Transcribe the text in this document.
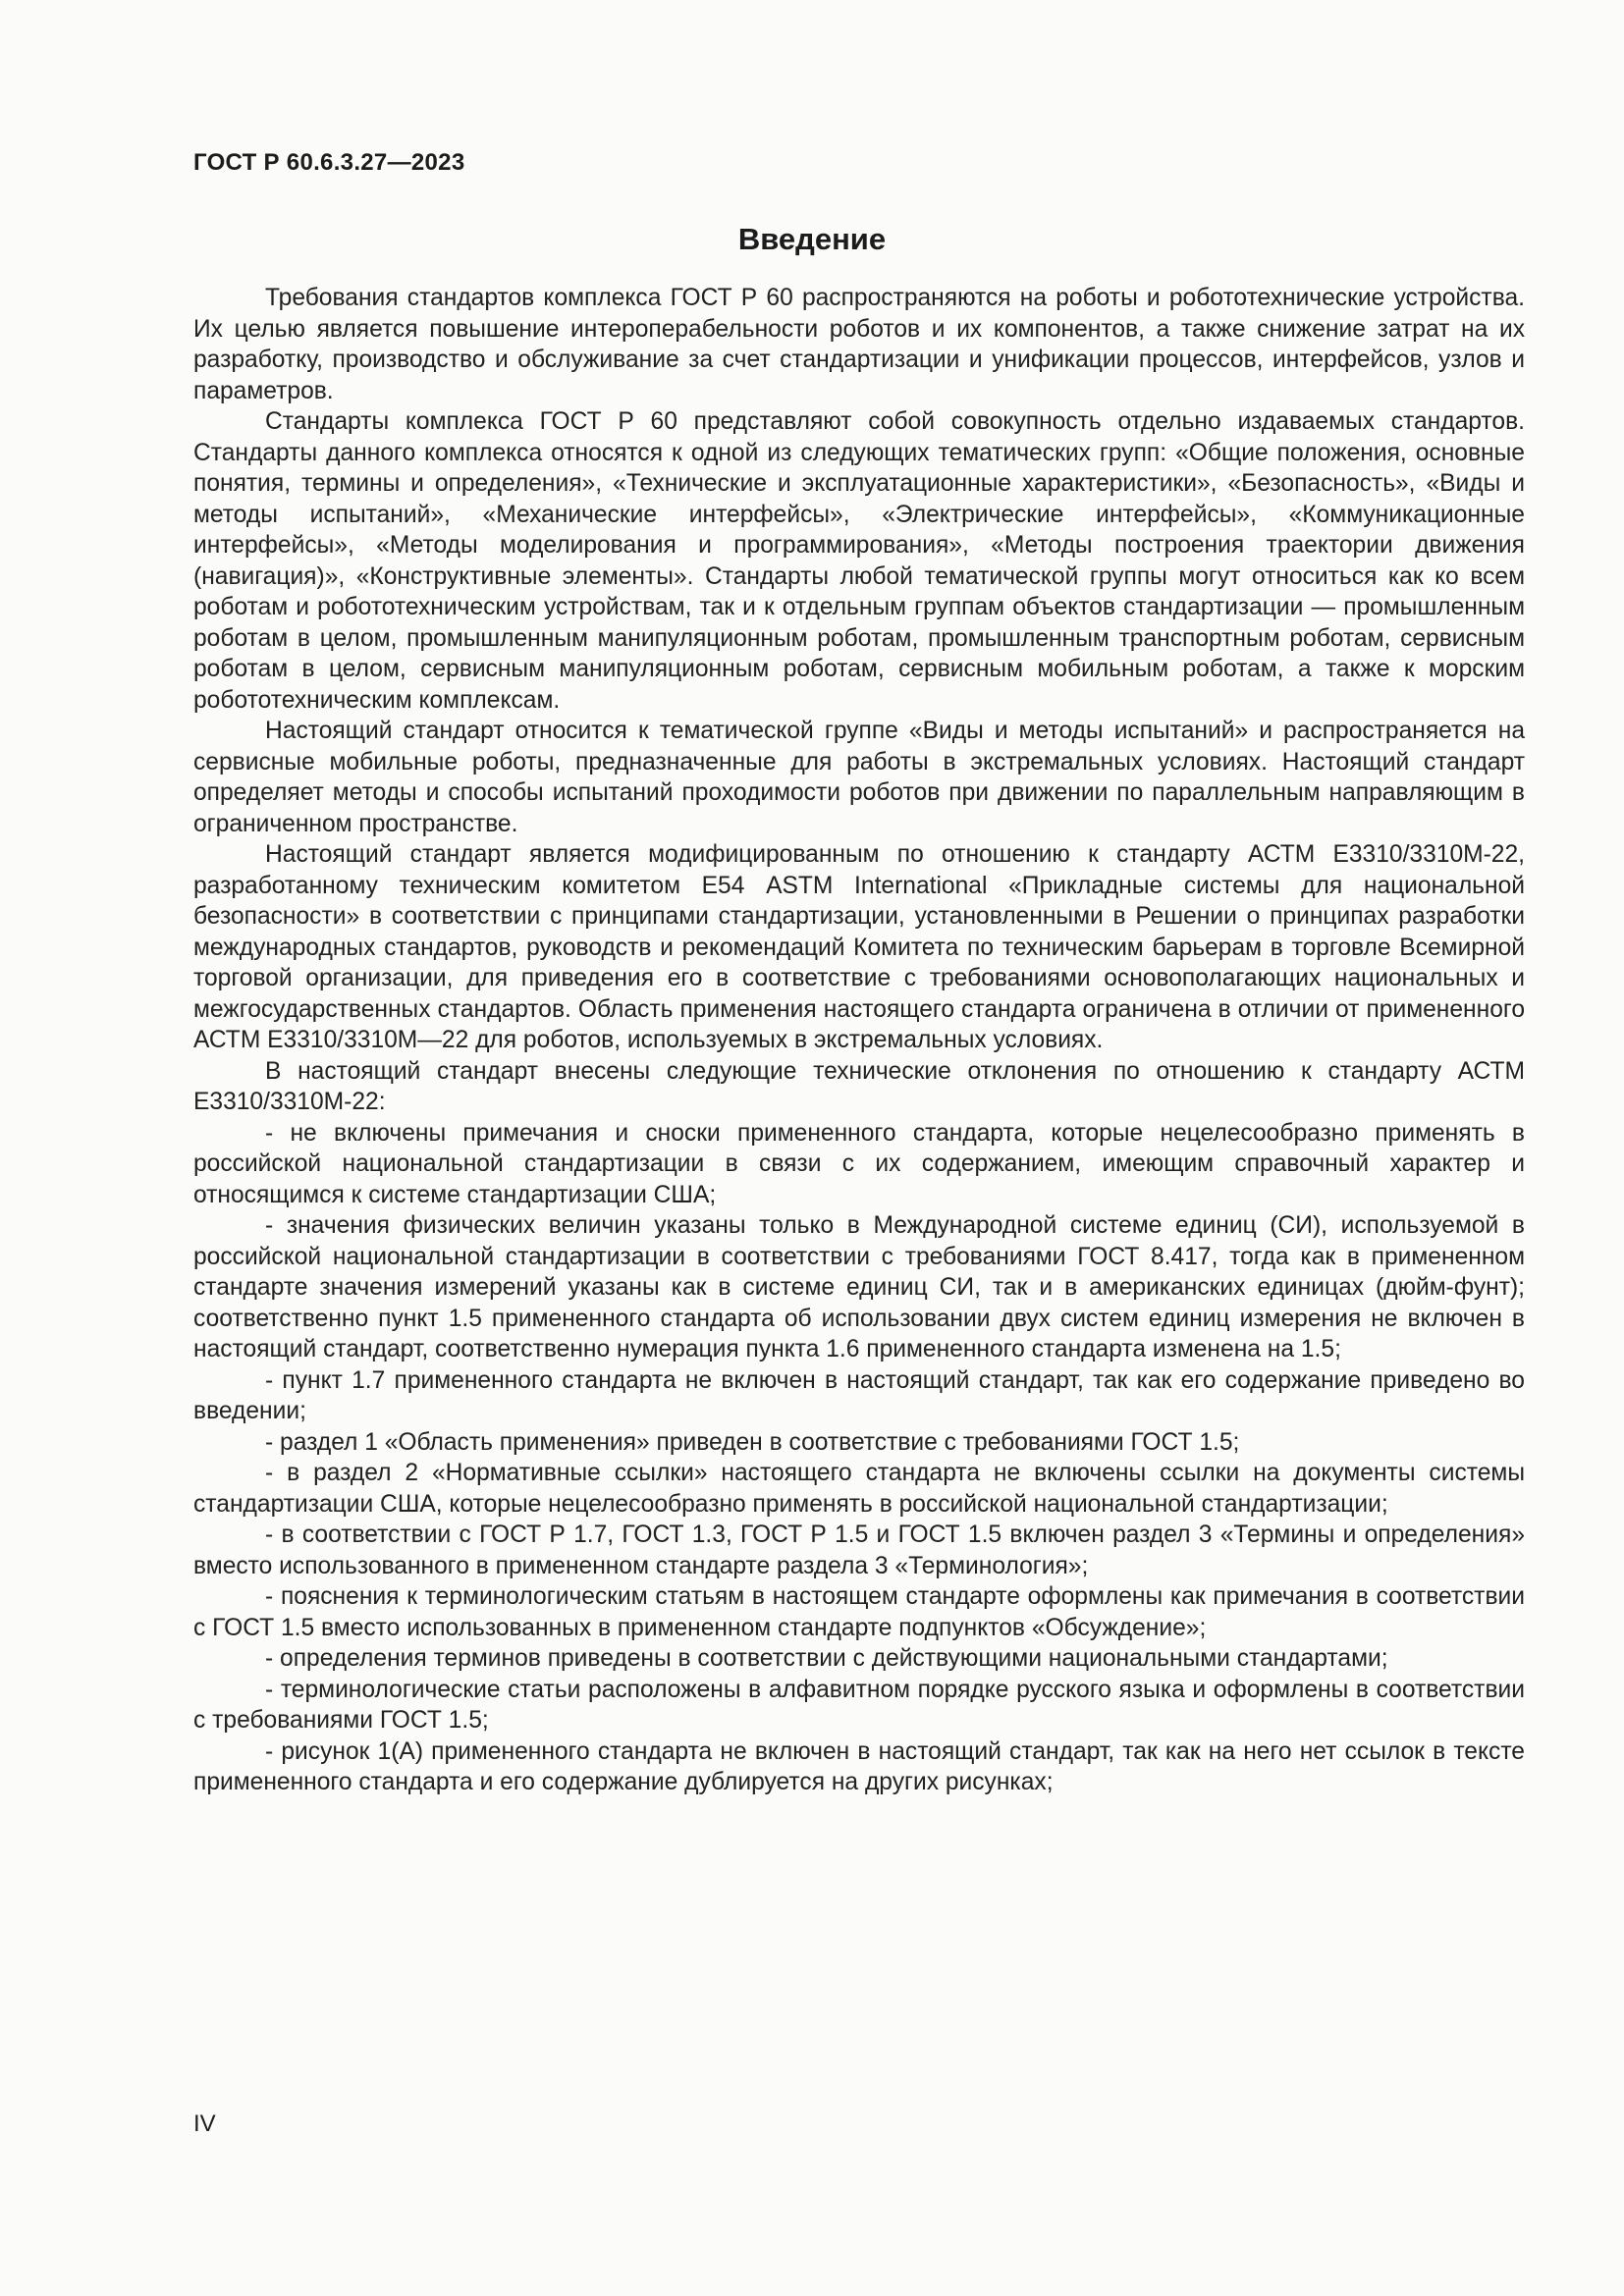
ГОСТ Р 60.6.3.27—2023
Введение

Требования стандартов комплекса ГОСТ Р 60 распространяются на роботы и робототехнические устройства. Их целью является повышение интероперабельности роботов и их компонентов, а также снижение затрат на их разработку, производство и обслуживание за счет стандартизации и унификации процессов, интерфейсов, узлов и параметров.

Стандарты комплекса ГОСТ Р 60 представляют собой совокупность отдельно издаваемых стандартов. Стандарты данного комплекса относятся к одной из следующих тематических групп: «Общие положения, основные понятия, термины и определения», «Технические и эксплуатационные характеристики», «Безопасность», «Виды и методы испытаний», «Механические интерфейсы», «Электрические интерфейсы», «Коммуникационные интерфейсы», «Методы моделирования и программирования», «Методы построения траектории движения (навигация)», «Конструктивные элементы». Стандарты любой тематической группы могут относиться как ко всем роботам и робототехническим устройствам, так и к отдельным группам объектов стандартизации — промышленным роботам в целом, промышленным манипуляционным роботам, промышленным транспортным роботам, сервисным роботам в целом, сервисным манипуляционным роботам, сервисным мобильным роботам, а также к морским робототехническим комплексам.

Настоящий стандарт относится к тематической группе «Виды и методы испытаний» и распространяется на сервисные мобильные роботы, предназначенные для работы в экстремальных условиях. Настоящий стандарт определяет методы и способы испытаний проходимости роботов при движении по параллельным направляющим в ограниченном пространстве.

Настоящий стандарт является модифицированным по отношению к стандарту АСТМ Е3310/3310М-22, разработанному техническим комитетом Е54 ASTM International «Прикладные системы для национальной безопасности» в соответствии с принципами стандартизации, установленными в Решении о принципах разработки международных стандартов, руководств и рекомендаций Комитета по техническим барьерам в торговле Всемирной торговой организации, для приведения его в соответствие с требованиями основополагающих национальных и межгосударственных стандартов. Область применения настоящего стандарта ограничена в отличии от примененного АСТМ Е3310/3310М—22 для роботов, используемых в экстремальных условиях.

В настоящий стандарт внесены следующие технические отклонения по отношению к стандарту АСТМ Е3310/3310М-22:

- не включены примечания и сноски примененного стандарта, которые нецелесообразно применять в российской национальной стандартизации в связи с их содержанием, имеющим справочный характер и относящимся к системе стандартизации США;

- значения физических величин указаны только в Международной системе единиц (СИ), используемой в российской национальной стандартизации в соответствии с требованиями ГОСТ 8.417, тогда как в примененном стандарте значения измерений указаны как в системе единиц СИ, так и в американских единицах (дюйм-фунт); соответственно пункт 1.5 примененного стандарта об использовании двух систем единиц измерения не включен в настоящий стандарт, соответственно нумерация пункта 1.6 примененного стандарта изменена на 1.5;

- пункт 1.7 примененного стандарта не включен в настоящий стандарт, так как его содержание приведено во введении;

- раздел 1 «Область применения» приведен в соответствие с требованиями ГОСТ 1.5;

- в раздел 2 «Нормативные ссылки» настоящего стандарта не включены ссылки на документы системы стандартизации США, которые нецелесообразно применять в российской национальной стандартизации;

- в соответствии с ГОСТ Р 1.7, ГОСТ 1.3, ГОСТ Р 1.5 и ГОСТ 1.5 включен раздел 3 «Термины и определения» вместо использованного в примененном стандарте раздела 3 «Терминология»;

- пояснения к терминологическим статьям в настоящем стандарте оформлены как примечания в соответствии с ГОСТ 1.5 вместо использованных в примененном стандарте подпунктов «Обсуждение»;

- определения терминов приведены в соответствии с действующими национальными стандартами;

- терминологические статьи расположены в алфавитном порядке русского языка и оформлены в соответствии с требованиями ГОСТ 1.5;

- рисунок 1(А) примененного стандарта не включен в настоящий стандарт, так как на него нет ссылок в тексте примененного стандарта и его содержание дублируется на других рисунках;

IV
